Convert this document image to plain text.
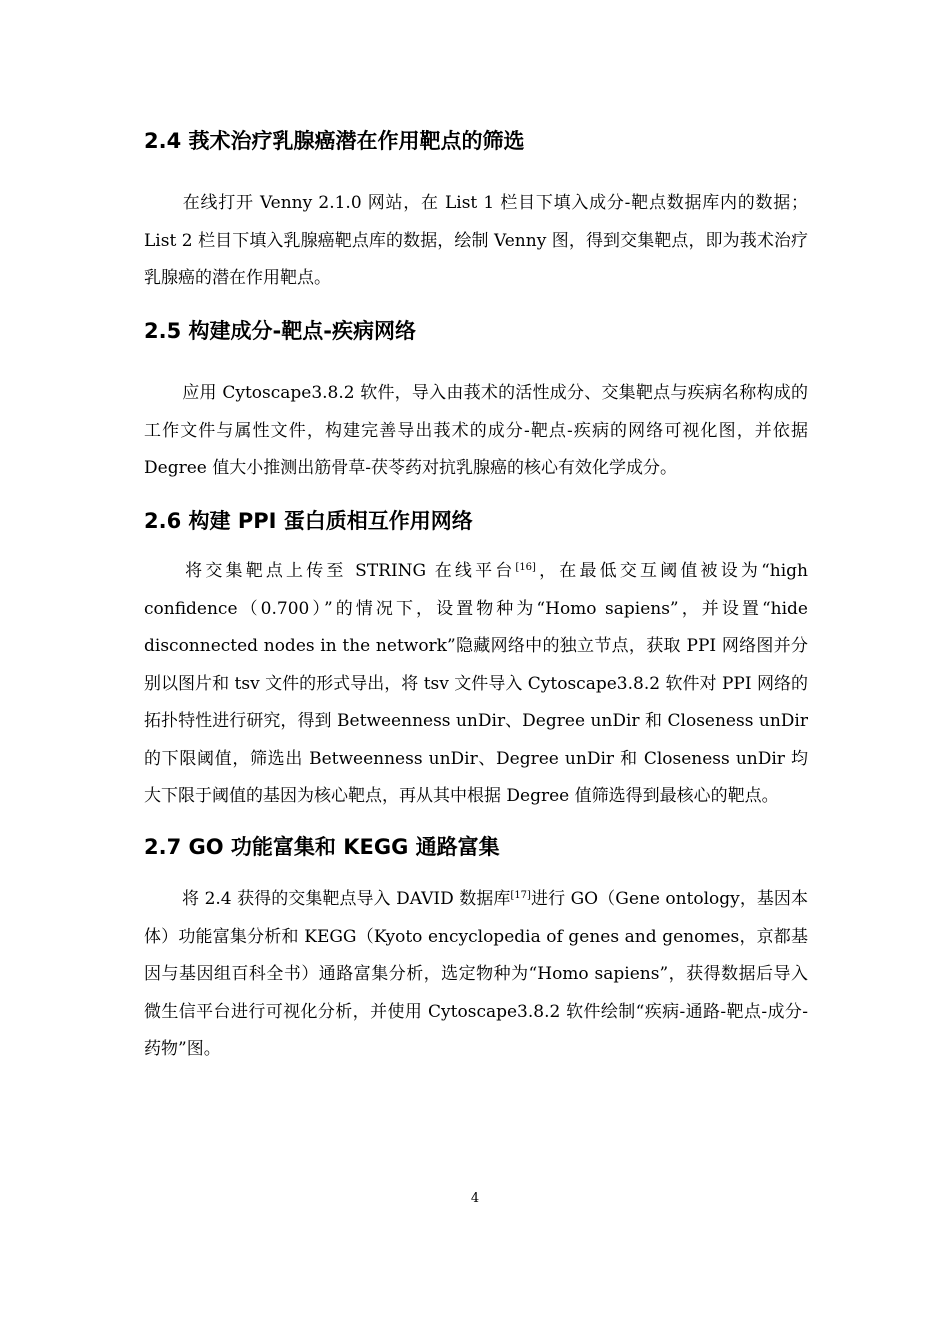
2.4 莪术治疗乳腺癌潜在作用靶点的筛选

在线打开 Venny 2.1.0 网站，在 List 1 栏目下填入成分-靶点数据库内的数据；List 2 栏目下填入乳腺癌靶点库的数据，绘制 Venny 图，得到交集靶点，即为莪术治疗乳腺癌的潜在作用靶点。

2.5 构建成分-靶点-疾病网络

应用 Cytoscape3.8.2 软件，导入由莪术的活性成分、交集靶点与疾病名称构成的工作文件与属性文件，构建完善导出莪术的成分-靶点-疾病的网络可视化图，并依据 Degree 值大小推测出筋骨草-茯苓药对抗乳腺癌的核心有效化学成分。

2.6 构建 PPI 蛋白质相互作用网络

将交集靶点上传至 STRING 在线平台[16]，在最低交互阈值被设为“high confidence（0.700）”的情况下，设置物种为“Homo sapiens”，并设置“hide disconnected nodes in the network”隐藏网络中的独立节点，获取 PPI 网络图并分别以图片和 tsv 文件的形式导出，将 tsv 文件导入 Cytoscape3.8.2 软件对 PPI 网络的拓扑特性进行研究，得到 Betweenness unDir、Degree unDir 和 Closeness unDir 的下限阈值，筛选出 Betweenness unDir、Degree unDir 和 Closeness unDir 均大下限于阈值的基因为核心靶点，再从其中根据 Degree 值筛选得到最核心的靶点。

2.7 GO 功能富集和 KEGG 通路富集

将 2.4 获得的交集靶点导入 DAVID 数据库[17]进行 GO（Gene ontology，基因本体）功能富集分析和 KEGG（Kyoto encyclopedia of genes and genomes，京都基因与基因组百科全书）通路富集分析，选定物种为“Homo sapiens”，获得数据后导入微生信平台进行可视化分析，并使用 Cytoscape3.8.2 软件绘制“疾病-通路-靶点-成分-药物”图。

4
